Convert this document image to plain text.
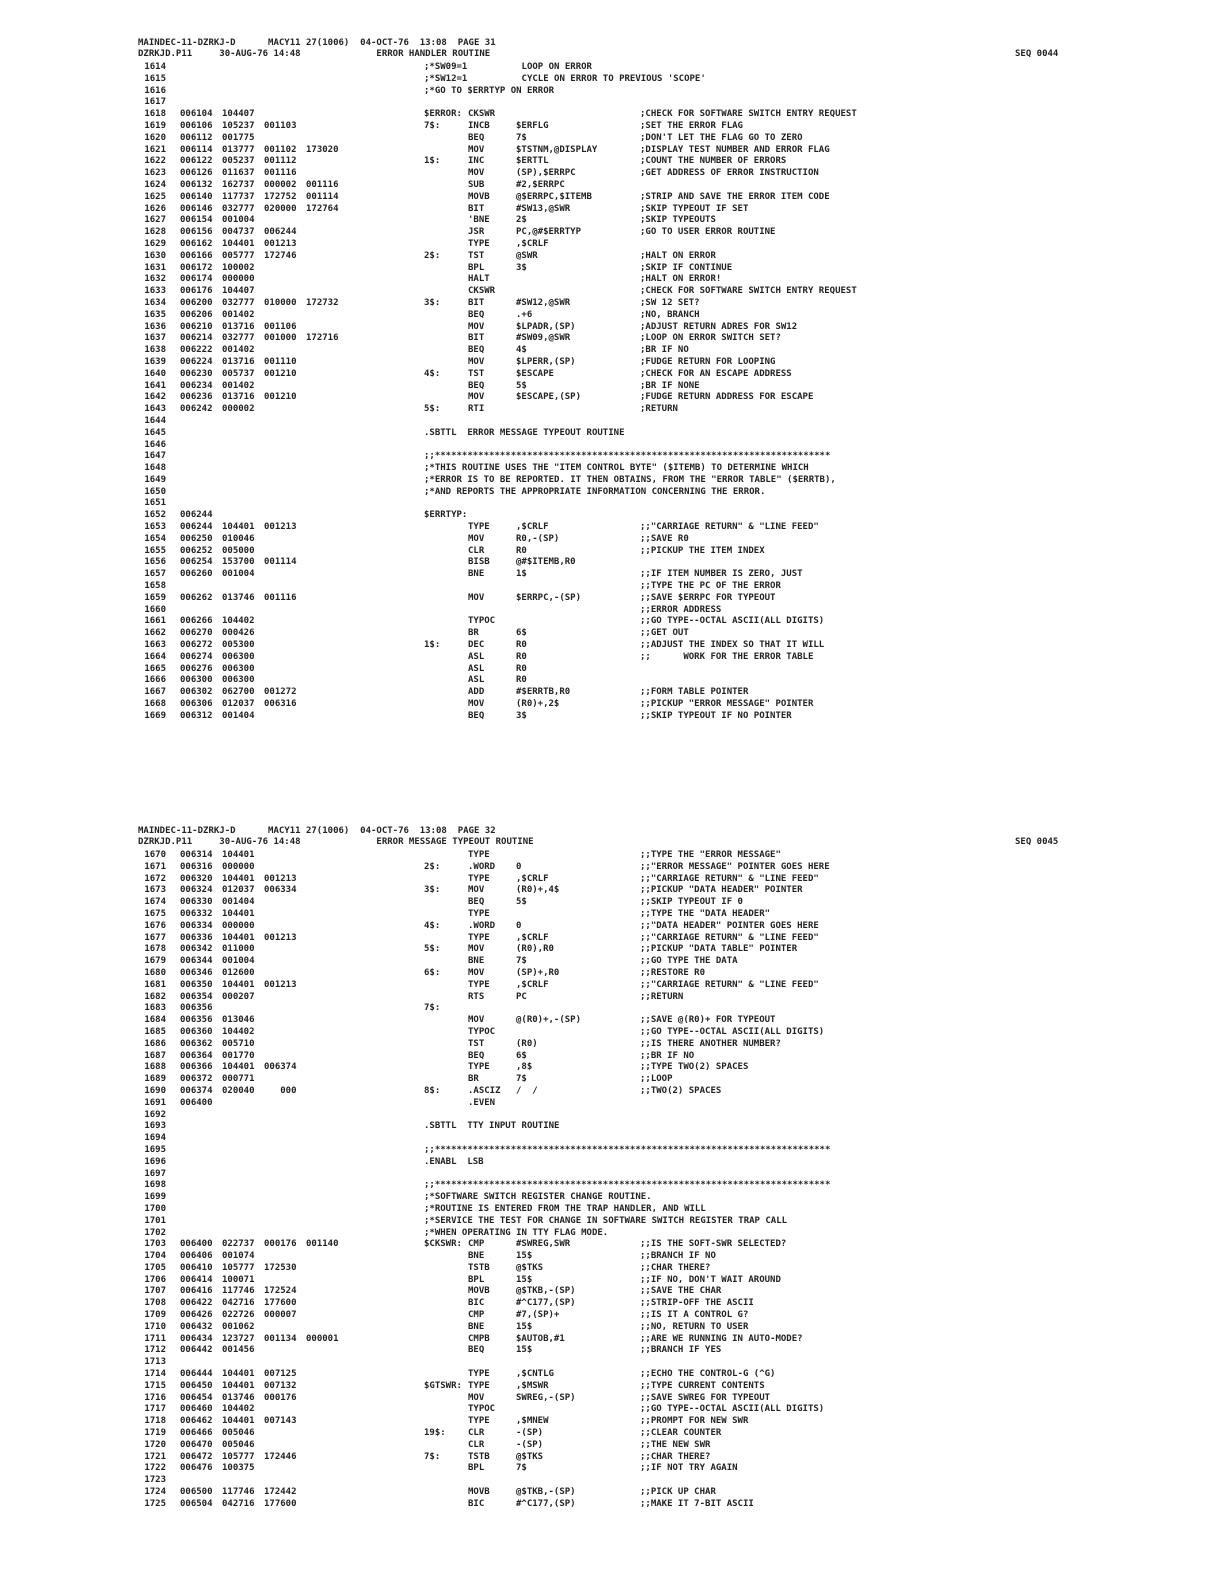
MAINDEC-11-DZRKJ-D      MACY11 27(1006)  04-OCT-76  13:08  PAGE 31
DZRKJD.P11     30-AUG-76 14:48              ERROR HANDLER ROUTINE	SEQ 0044
1614	;*SW09=1          LOOP ON ERROR
1615	;*SW12=1          CYCLE ON ERROR TO PREVIOUS 'SCOPE'
1616	;*GO TO $ERRTYP ON ERROR
1617
1618 006104 104407	$ERROR: CKSWR	;CHECK FOR SOFTWARE SWITCH ENTRY REQUEST
1619 006106 105237 001103	7$:	INCB	$ERFLG	;SET THE ERROR FLAG
1620 006112 001775	BEQ	7$	;DON'T LET THE FLAG GO TO ZERO
1621 006114 013777 001102 173020	MOV	$TSTNM,@DISPLAY	;DISPLAY TEST NUMBER AND ERROR FLAG
1622 006122 005237 001112	1$:	INC	$ERTTL	;COUNT THE NUMBER OF ERRORS
1623 006126 011637 001116	MOV	(SP),$ERRPC	;GET ADDRESS OF ERROR INSTRUCTION
1624 006132 162737 000002 001116	SUB	#2,$ERRPC
1625 006140 117737 172752 001114	MOVB	@$ERRPC,$ITEMB	;STRIP AND SAVE THE ERROR ITEM CODE
1626 006146 032777 020000 172764	BIT	#SW13,@SWR	;SKIP TYPEOUT IF SET
1627 006154 001004	'BNE	2$	;SKIP TYPEOUTS
1628 006156 004737 006244	JSR	PC,@#$ERRTYP	;GO TO USER ERROR ROUTINE
1629 006162 104401 001213	TYPE	,$CRLF
1630 006166 005777 172746	2$:	TST	@SWR	;HALT ON ERROR
1631 006172 100002	BPL	3$	;SKIP IF CONTINUE
1632 006174 000000	HALT	;HALT ON ERROR!
1633 006176 104407	CKSWR	;CHECK FOR SOFTWARE SWITCH ENTRY REQUEST
1634 006200 032777 010000 172732	3$:	BIT	#SW12,@SWR	;SW 12 SET?
1635 006206 001402	BEQ	.+6	;NO, BRANCH
1636 006210 013716 001106	MOV	$LPADR,(SP)	;ADJUST RETURN ADRES FOR SW12
1637 006214 032777 001000 172716	BIT	#SW09,@SWR	;LOOP ON ERROR SWITCH SET?
1638 006222 001402	BEQ	4$	;BR IF NO
1639 006224 013716 001110	MOV	$LPERR,(SP)	;FUDGE RETURN FOR LOOPING
1640 006230 005737 001210	4$:	TST	$ESCAPE	;CHECK FOR AN ESCAPE ADDRESS
1641 006234 001402	BEQ	5$	;BR IF NONE
1642 006236 013716 001210	MOV	$ESCAPE,(SP)	;FUDGE RETURN ADDRESS FOR ESCAPE
1643 006242 000002	5$:	RTI	;RETURN
1644
1645	.SBTTL  ERROR MESSAGE TYPEOUT ROUTINE
1646
1647	;;*************************************************************************
1648	;*THIS ROUTINE USES THE "ITEM CONTROL BYTE" ($ITEMB) TO DETERMINE WHICH
1649	;*ERROR IS TO BE REPORTED. IT THEN OBTAINS, FROM THE "ERROR TABLE" ($ERRTB),
1650	;*AND REPORTS THE APPROPRIATE INFORMATION CONCERNING THE ERROR.
1651
1652 006244	$ERRTYP:
1653 006244 104401 001213	TYPE	,$CRLF	;;"CARRIAGE RETURN" & "LINE FEED"
1654 006250 010046	MOV	R0,-(SP)	;;SAVE R0
1655 006252 005000	CLR	R0	;;PICKUP THE ITEM INDEX
1656 006254 153700 001114	BISB	@#$ITEMB,R0
1657 006260 001004	BNE	1$	;;IF ITEM NUMBER IS ZERO, JUST
1658	;;TYPE THE PC OF THE ERROR
1659 006262 013746 001116	MOV	$ERRPC,-(SP)	;;SAVE $ERRPC FOR TYPEOUT
1660	;;ERROR ADDRESS
1661 006266 104402	TYPOC	;;GO TYPE--OCTAL ASCII(ALL DIGITS)
1662 006270 000426	BR	6$	;;GET OUT
1663 006272 005300	1$:	DEC	R0	;;ADJUST THE INDEX SO THAT IT WILL
1664 006274 006300	ASL	R0	;;      WORK FOR THE ERROR TABLE
1665 006276 006300	ASL	R0
1666 006300 006300	ASL	R0
1667 006302 062700 001272	ADD	#$ERRTB,R0	;;FORM TABLE POINTER
1668 006306 012037 006316	MOV	(R0)+,2$	;;PICKUP "ERROR MESSAGE" POINTER
1669 006312 001404	BEQ	3$	;;SKIP TYPEOUT IF NO POINTER
MAINDEC-11-DZRKJ-D      MACY11 27(1006)  04-OCT-76  13:08  PAGE 32
DZRKJD.P11     30-AUG-76 14:48              ERROR MESSAGE TYPEOUT ROUTINE	SEQ 0045
1670 006314 104401	TYPE	;;TYPE THE "ERROR MESSAGE"
1671 006316 000000	2$:	.WORD 0	;;"ERROR MESSAGE" POINTER GOES HERE
1672 006320 104401 001213	TYPE	,$CRLF	;;"CARRIAGE RETURN" & "LINE FEED"
1673 006324 012037 006334	3$:	MOV	(R0)+,4$	;;PICKUP "DATA HEADER" POINTER
1674 006330 001404	BEQ	5$	;;SKIP TYPEOUT IF 0
1675 006332 104401	TYPE	;;TYPE THE "DATA HEADER"
1676 006334 000000	4$:	.WORD 0	;;"DATA HEADER" POINTER GOES HERE
1677 006336 104401 001213	TYPE	,$CRLF	;;"CARRIAGE RETURN" & "LINE FEED"
1678 006342 011000	5$:	MOV	(R0),R0	;;PICKUP "DATA TABLE" POINTER
1679 006344 001004	BNE	7$	;;GO TYPE THE DATA
1680 006346 012600	6$:	MOV	(SP)+,R0	;;RESTORE R0
1681 006350 104401 001213	TYPE	,$CRLF	;;"CARRIAGE RETURN" & "LINE FEED"
1682 006354 000207	RTS	PC	;;RETURN
1683 006356	7$:
1684 006356 013046	MOV	@(R0)+,-(SP)	;;SAVE @(R0)+ FOR TYPEOUT
1685 006360 104402	TYPOC	;;GO TYPE--OCTAL ASCII(ALL DIGITS)
1686 006362 005710	TST	(R0)	;;IS THERE ANOTHER NUMBER?
1687 006364 001770	BEQ	6$	;;BR IF NO
1688 006366 104401 006374	TYPE	,8$	;;TYPE TWO(2) SPACES
1689 006372 000771	BR	7$	;;LOOP
1690 006374 020040 000	8$:	.ASCIZ /  /	;;TWO(2) SPACES
1691 006400	.EVEN
1692
1693	.SBTTL  TTY INPUT ROUTINE
1694
1695	;;*************************************************************************
1696	.ENABL  LSB
1697
1698	;;*************************************************************************
1699	;*SOFTWARE SWITCH REGISTER CHANGE ROUTINE.
1700	;*ROUTINE IS ENTERED FROM THE TRAP HANDLER, AND WILL
1701	;*SERVICE THE TEST FOR CHANGE IN SOFTWARE SWITCH REGISTER TRAP CALL
1702	;*WHEN OPERATING IN TTY FLAG MODE.
1703 006400 022737 000176 001140	$CKSWR: CMP	#SWREG,SWR	;;IS THE SOFT-SWR SELECTED?
1704 006406 001074	BNE	15$	;;BRANCH IF NO
1705 006410 105777 172530	TSTB	@$TKS	;;CHAR THERE?
1706 006414 100071	BPL	15$	;;IF NO, DON'T WAIT AROUND
1707 006416 117746 172524	MOVB	@$TKB,-(SP)	;;SAVE THE CHAR
1708 006422 042716 177600	BIC	#^C177,(SP)	;;STRIP-OFF THE ASCII
1709 006426 022726 000007	CMP	#7,(SP)+	;;IS IT A CONTROL G?
1710 006432 001062	BNE	15$	;;NO, RETURN TO USER
1711 006434 123727 001134 000001	CMPB	$AUTOB,#1	;;ARE WE RUNNING IN AUTO-MODE?
1712 006442 001456	BEQ	15$	;;BRANCH IF YES
1713
1714 006444 104401 007125	TYPE	,$CNTLG	;;ECHO THE CONTROL-G (^G)
1715 006450 104401 007132	$GTSWR: TYPE	,$MSWR	;;TYPE CURRENT CONTENTS
1716 006454 013746 000176	MOV	SWREG,-(SP)	;;SAVE SWREG FOR TYPEOUT
1717 006460 104402	TYPOC	;;GO TYPE--OCTAL ASCII(ALL DIGITS)
1718 006462 104401 007143	TYPE	,$MNEW	;;PROMPT FOR NEW SWR
1719 006466 005046	19$: CLR	-(SP)	;;CLEAR COUNTER
1720 006470 005046	CLR	-(SP)	;;THE NEW SWR
1721 006472 105777 172446	7$:	TSTB	@$TKS	;;CHAR THERE?
1722 006476 100375	BPL	7$	;;IF NOT TRY AGAIN
1723
1724 006500 117746 172442	MOVB	@$TKB,-(SP)	;;PICK UP CHAR
1725 006504 042716 177600	BIC	#^C177,(SP)	;;MAKE IT 7-BIT ASCII
